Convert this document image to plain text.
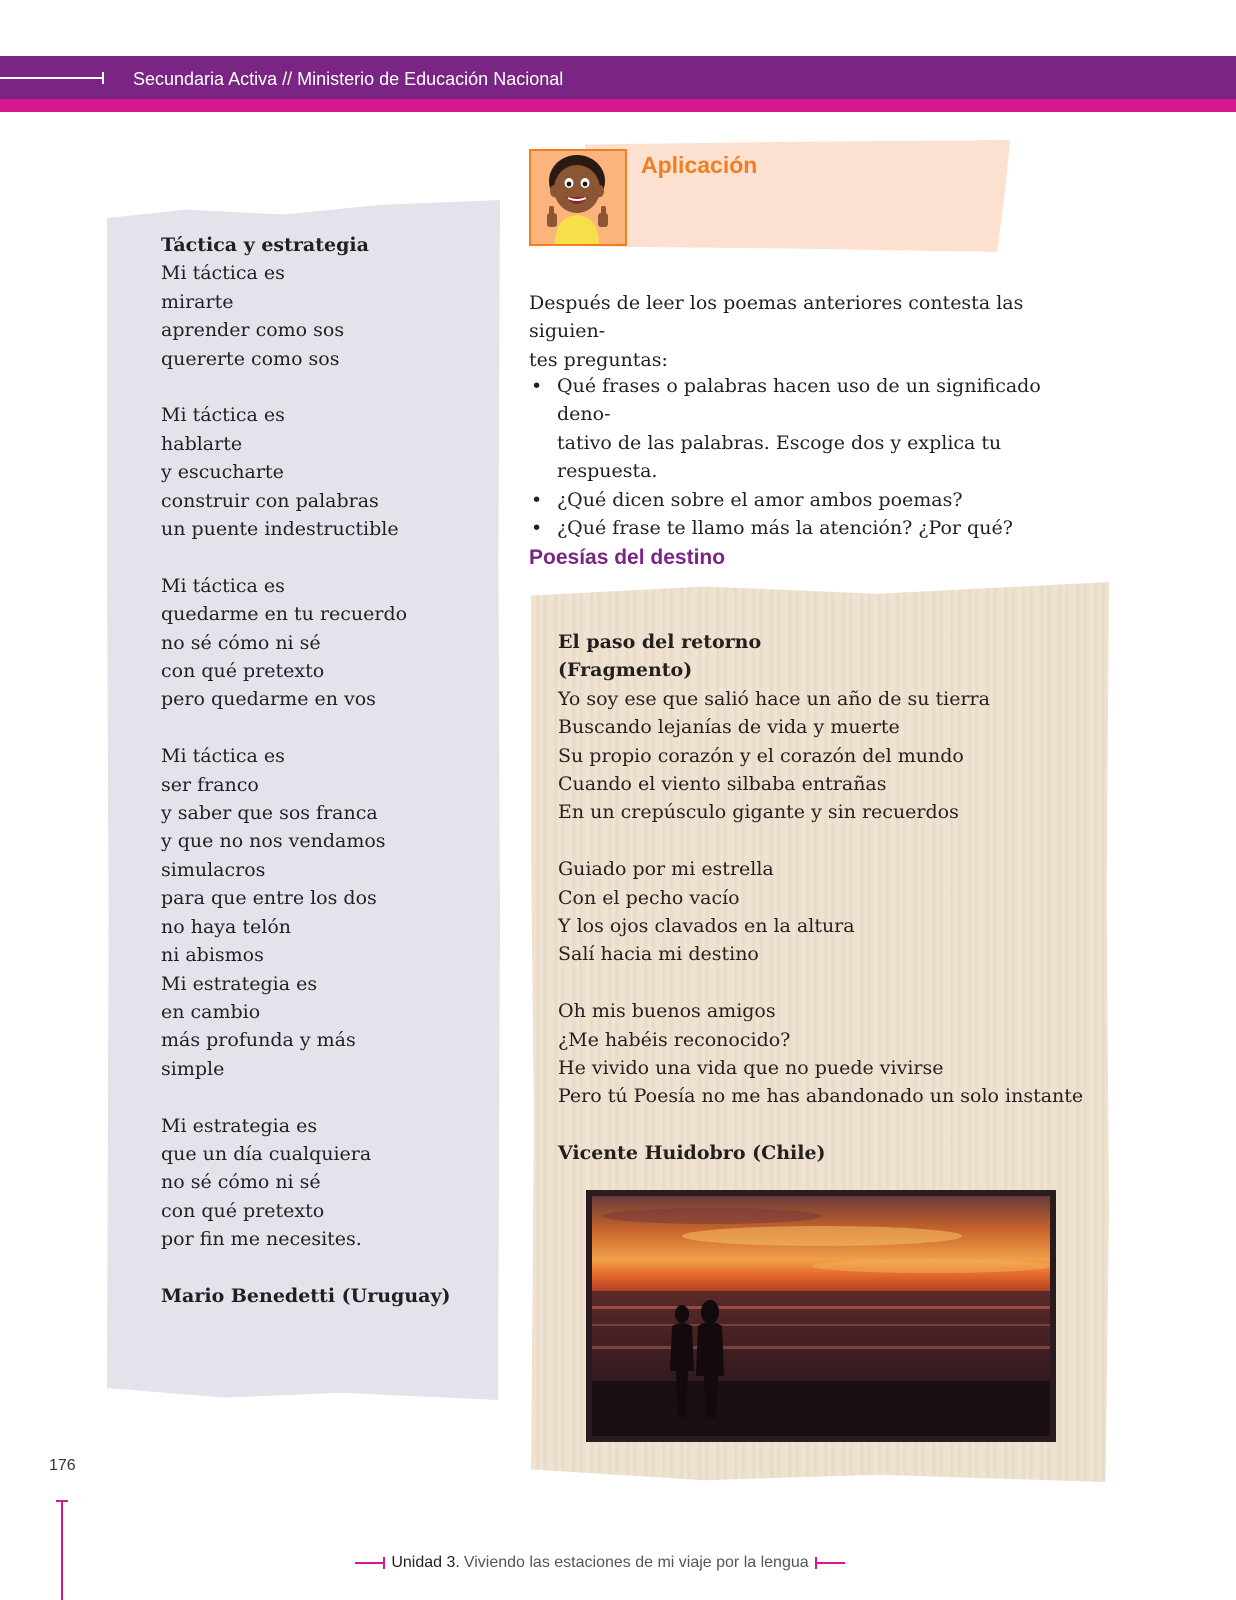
Secundaria Activa // Ministerio de Educación Nacional

Táctica y estrategia

Mi táctica es

mirarte

aprender como sos

quererte como sos

Mi táctica es

hablarte

y escucharte

construir con palabras

un puente indestructible

Mi táctica es

quedarme en tu recuerdo

no sé cómo ni sé

con qué pretexto

pero quedarme en vos

Mi táctica es

ser franco

y saber que sos franca

y que no nos vendamos

simulacros

para que entre los dos

no haya telón

ni abismos

Mi estrategia es

en cambio

más profunda y más

simple

Mi estrategia es

que un día cualquiera

no sé cómo ni sé

con qué pretexto

por fin me necesites.

Mario Benedetti (Uruguay)

Aplicación

Después de leer los poemas anteriores contesta las siguien-

tes preguntas:

• Qué frases o palabras hacen uso de un significado deno-
tativo de las palabras. Escoge dos y explica tu respuesta.
• ¿Qué dicen sobre el amor ambos poemas?
• ¿Qué frase te llamo más la atención? ¿Por qué?
Poesías del destino

El paso del retorno

(Fragmento)

Yo soy ese que salió hace un año de su tierra

Buscando lejanías de vida y muerte

Su propio corazón y el corazón del mundo

Cuando el viento silbaba entrañas

En un crepúsculo gigante y sin recuerdos

Guiado por mi estrella

Con el pecho vacío

Y los ojos clavados en la altura

Salí hacia mi destino

Oh mis buenos amigos

¿Me habéis reconocido?

He vivido una vida que no puede vivirse

Pero tú Poesía no me has abandonado un solo instante

Vicente Huidobro (Chile)

176
Unidad 3. Viviendo las estaciones de mi viaje por la lengua
